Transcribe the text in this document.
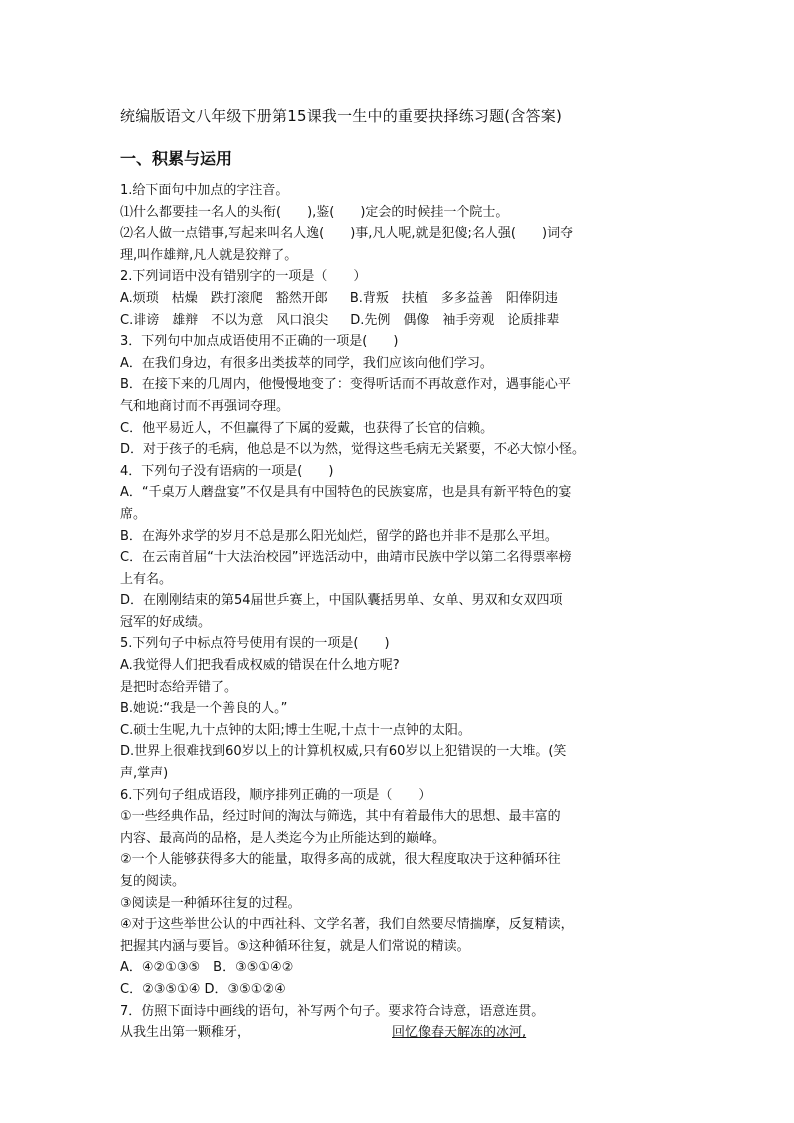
统编版语文八年级下册第15课我一生中的重要抉择练习题(含答案)
一、积累与运用
1.给下面句中加点的字注音。
⑴什么都要挂一名人的头衔(　　),鉴(　　)定会的时候挂一个院士。
⑵名人做一点错事,写起来叫名人逸(　　)事,凡人呢,就是犯傻;名人强(　　)词夺
理,叫作雄辩,凡人就是狡辩了。
2.下列词语中没有错别字的一项是（　　）
A.烦琐　枯燥　跌打滚爬　豁然开郎 B.背叛　扶植　多多益善　阳俸阴违
C.诽谤　雄辩　不以为意　风口浪尖 D.先例　偶像　袖手旁观　论质排辈
3．下列句中加点成语使用不正确的一项是(　　)
A．在我们身边，有很多出类拔萃的同学，我们应该向他们学习。
B．在接下来的几周内，他慢慢地变了：变得听话而不再故意作对，遇事能心平
气和地商讨而不再强词夺理。
C．他平易近人，不但赢得了下属的爱戴，也获得了长官的信赖。
D．对于孩子的毛病，他总是不以为然，觉得这些毛病无关紧要，不必大惊小怪。
4．下列句子没有语病的一项是(　　)
A．“千桌万人蘑盘宴”不仅是具有中国特色的民族宴席，也是具有新平特色的宴
席。
B．在海外求学的岁月不总是那么阳光灿烂，留学的路也并非不是那么平坦。
C．在云南首届“十大法治校园”评选活动中，曲靖市民族中学以第二名得票率榜
上有名。
D．在刚刚结束的第54届世乒赛上，中国队囊括男单、女单、男双和女双四项
冠军的好成绩。
5.下列句子中标点符号使用有误的一项是(　　)
A.我觉得人们把我看成权威的错误在什么地方呢?
是把时态给弄错了。
B.她说:“我是一个善良的人。”
C.硕士生呢,九十点钟的太阳;博士生呢,十点十一点钟的太阳。
D.世界上很难找到60岁以上的计算机权威,只有60岁以上犯错误的一大堆。(笑
声,掌声)
6.下列句子组成语段，顺序排列正确的一项是（　　）
①一些经典作品，经过时间的淘汰与筛选，其中有着最伟大的思想、最丰富的
内容、最高尚的品格，是人类迄今为止所能达到的巅峰。
②一个人能够获得多大的能量，取得多高的成就，很大程度取决于这种循环往
复的阅读。
③阅读是一种循环往复的过程。
④对于这些举世公认的中西社科、文学名著，我们自然要尽情揣摩，反复精读，
把握其内涵与要旨。⑤这种循环往复，就是人们常说的精读。
A．④②①③⑤　B．③⑤①④②
C．②③⑤①④ D．③⑤①②④
7．仿照下面诗中画线的语句，补写两个句子。要求符合诗意，语意连贯。
从我生出第一颗稚牙，	回忆像春天解冻的冰河,
